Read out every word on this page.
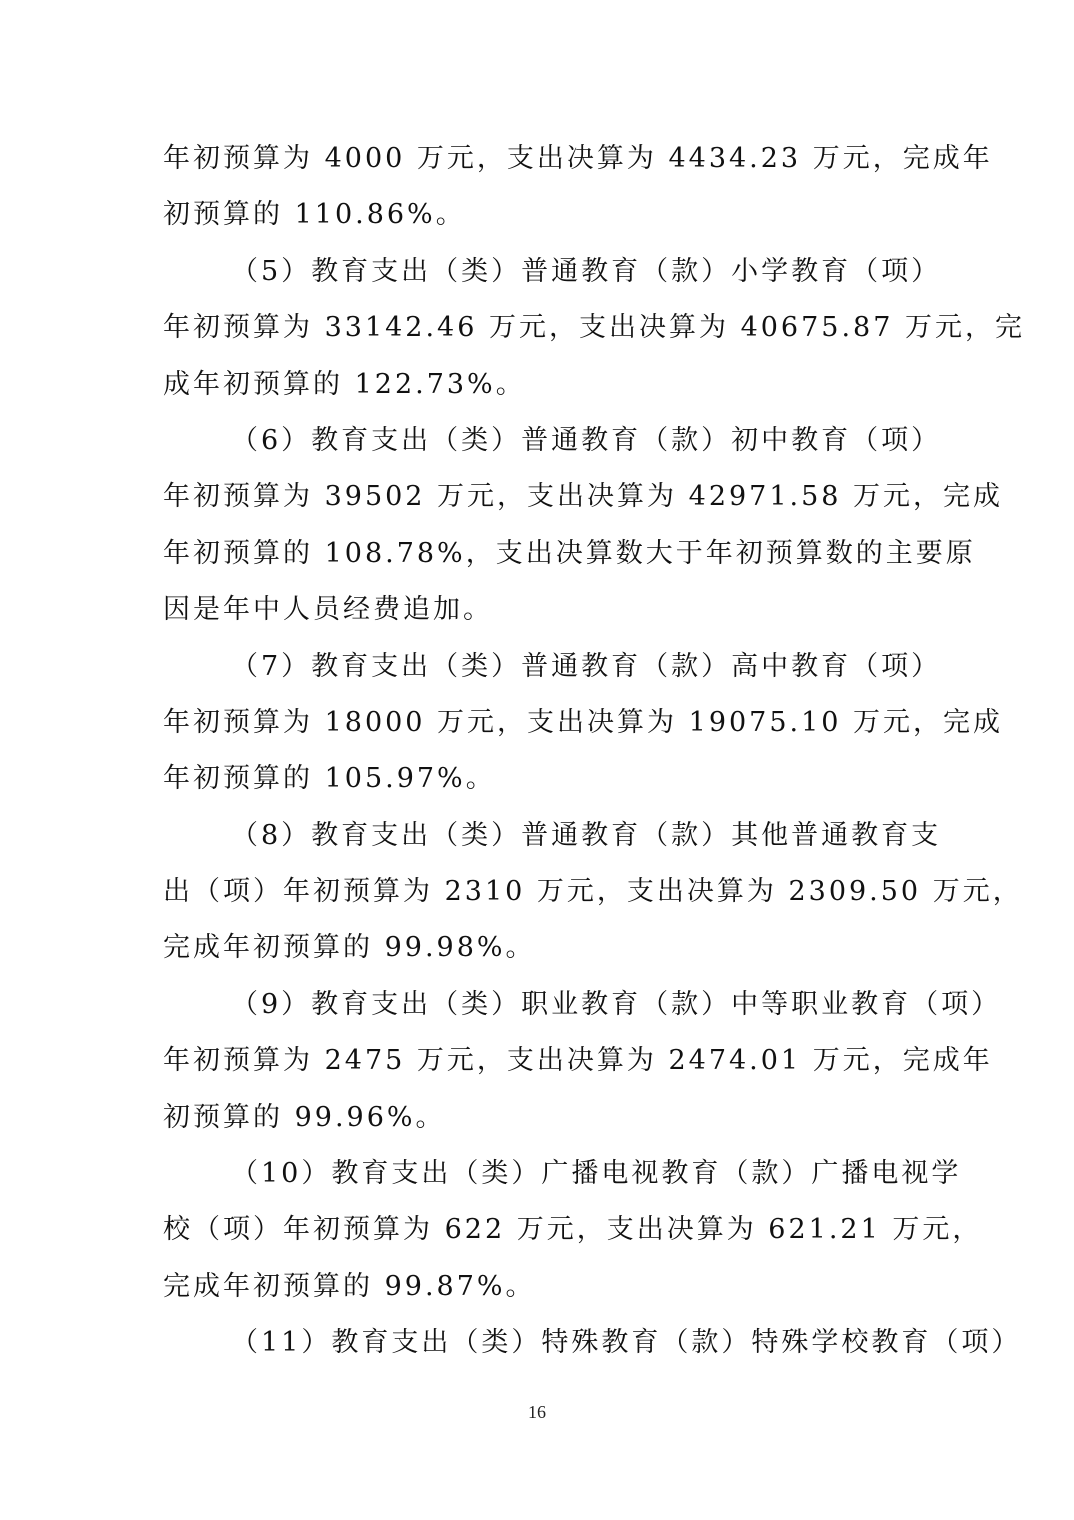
年初预算为 4000 万元，支出决算为 4434.23 万元，完成年
初预算的 110.86%。
（5）教育支出（类）普通教育（款）小学教育（项）
年初预算为 33142.46 万元，支出决算为 40675.87 万元，完
成年初预算的 122.73%。
（6）教育支出（类）普通教育（款）初中教育（项）
年初预算为 39502 万元，支出决算为 42971.58 万元，完成
年初预算的 108.78%，支出决算数大于年初预算数的主要原
因是年中人员经费追加。
（7）教育支出（类）普通教育（款）高中教育（项）
年初预算为 18000 万元，支出决算为 19075.10 万元，完成
年初预算的 105.97%。
（8）教育支出（类）普通教育（款）其他普通教育支
出（项）年初预算为 2310 万元，支出决算为 2309.50 万元，
完成年初预算的 99.98%。
（9）教育支出（类）职业教育（款）中等职业教育（项）
年初预算为 2475 万元，支出决算为 2474.01 万元，完成年
初预算的 99.96%。
（10）教育支出（类）广播电视教育（款）广播电视学
校（项）年初预算为 622 万元，支出决算为 621.21 万元，
完成年初预算的 99.87%。
（11）教育支出（类）特殊教育（款）特殊学校教育（项）
16
